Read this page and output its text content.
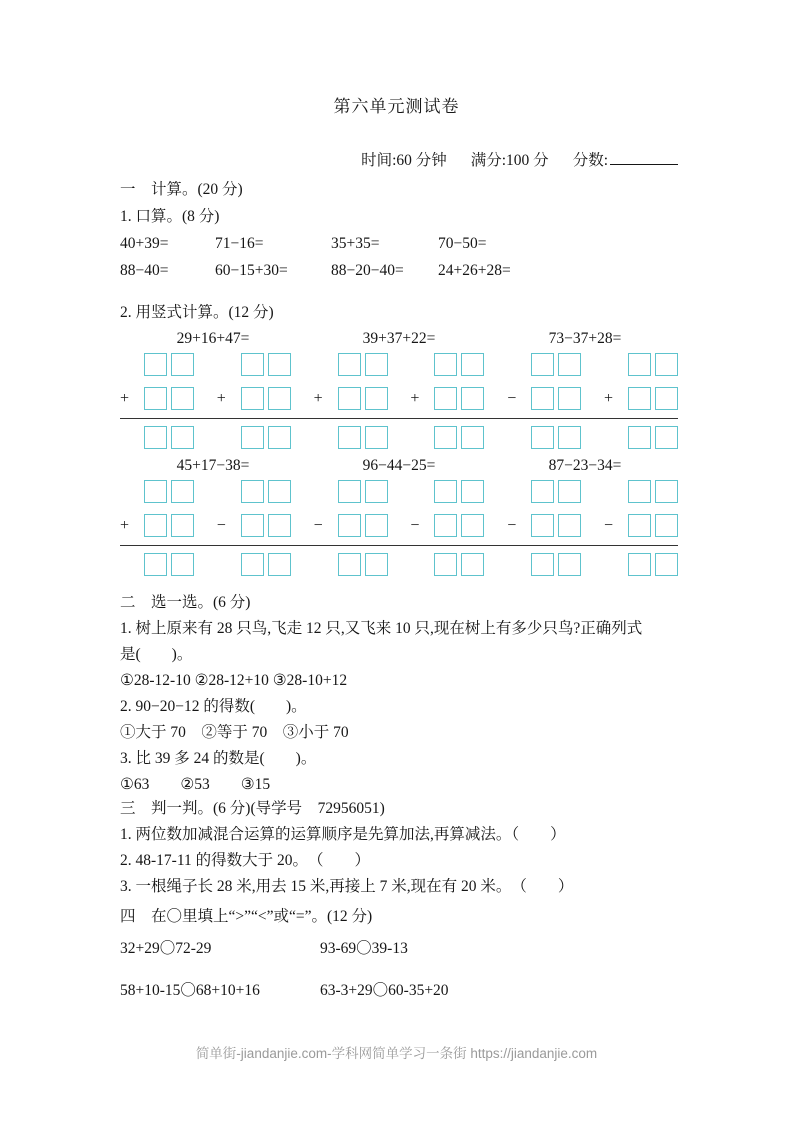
第六单元测试卷
时间:60 分钟 满分:100 分 分数:
一　计算。(20 分)
1. 口算。(8 分)
40+39=	71−16=	35+35=	70−50=
88−40=	60−15+30=	88−20−40=	24+26+28=
2. 用竖式计算。(12 分)
29+16+47=	39+37+22=	73−37+28=
+	+	+	+	−	+
45+17−38=	96−44−25=	87−23−34=
+	−	−	−	−	−
二　选一选。(6 分)
1. 树上原来有 28 只鸟,飞走 12 只,又飞来 10 只,现在树上有多少只鸟?正确列式
是(　　)。
①28-12-10 ②28-12+10 ③28-10+12
2. 90−20−12 的得数(　　)。
①大于 70　②等于 70　③小于 70
3. 比 39 多 24 的数是(　　)。
①63　　②53　　③15
三　判一判。(6 分)(导学号　72956051)
1. 两位数加减混合运算的运算顺序是先算加法,再算减法。（　　）
2. 48-17-11 的得数大于 20。　（　　）
3. 一根绳子长 28 米,用去 15 米,再接上 7 米,现在有 20 米。　（　　）
四　在〇里填上“>”“<”或“=”。(12 分)
32+29〇72-29	93-69〇39-13
58+10-15〇68+10+16	63-3+29〇60-35+20
简单街-jiandanjie.com-学科网简单学习一条街 https://jiandanjie.com
